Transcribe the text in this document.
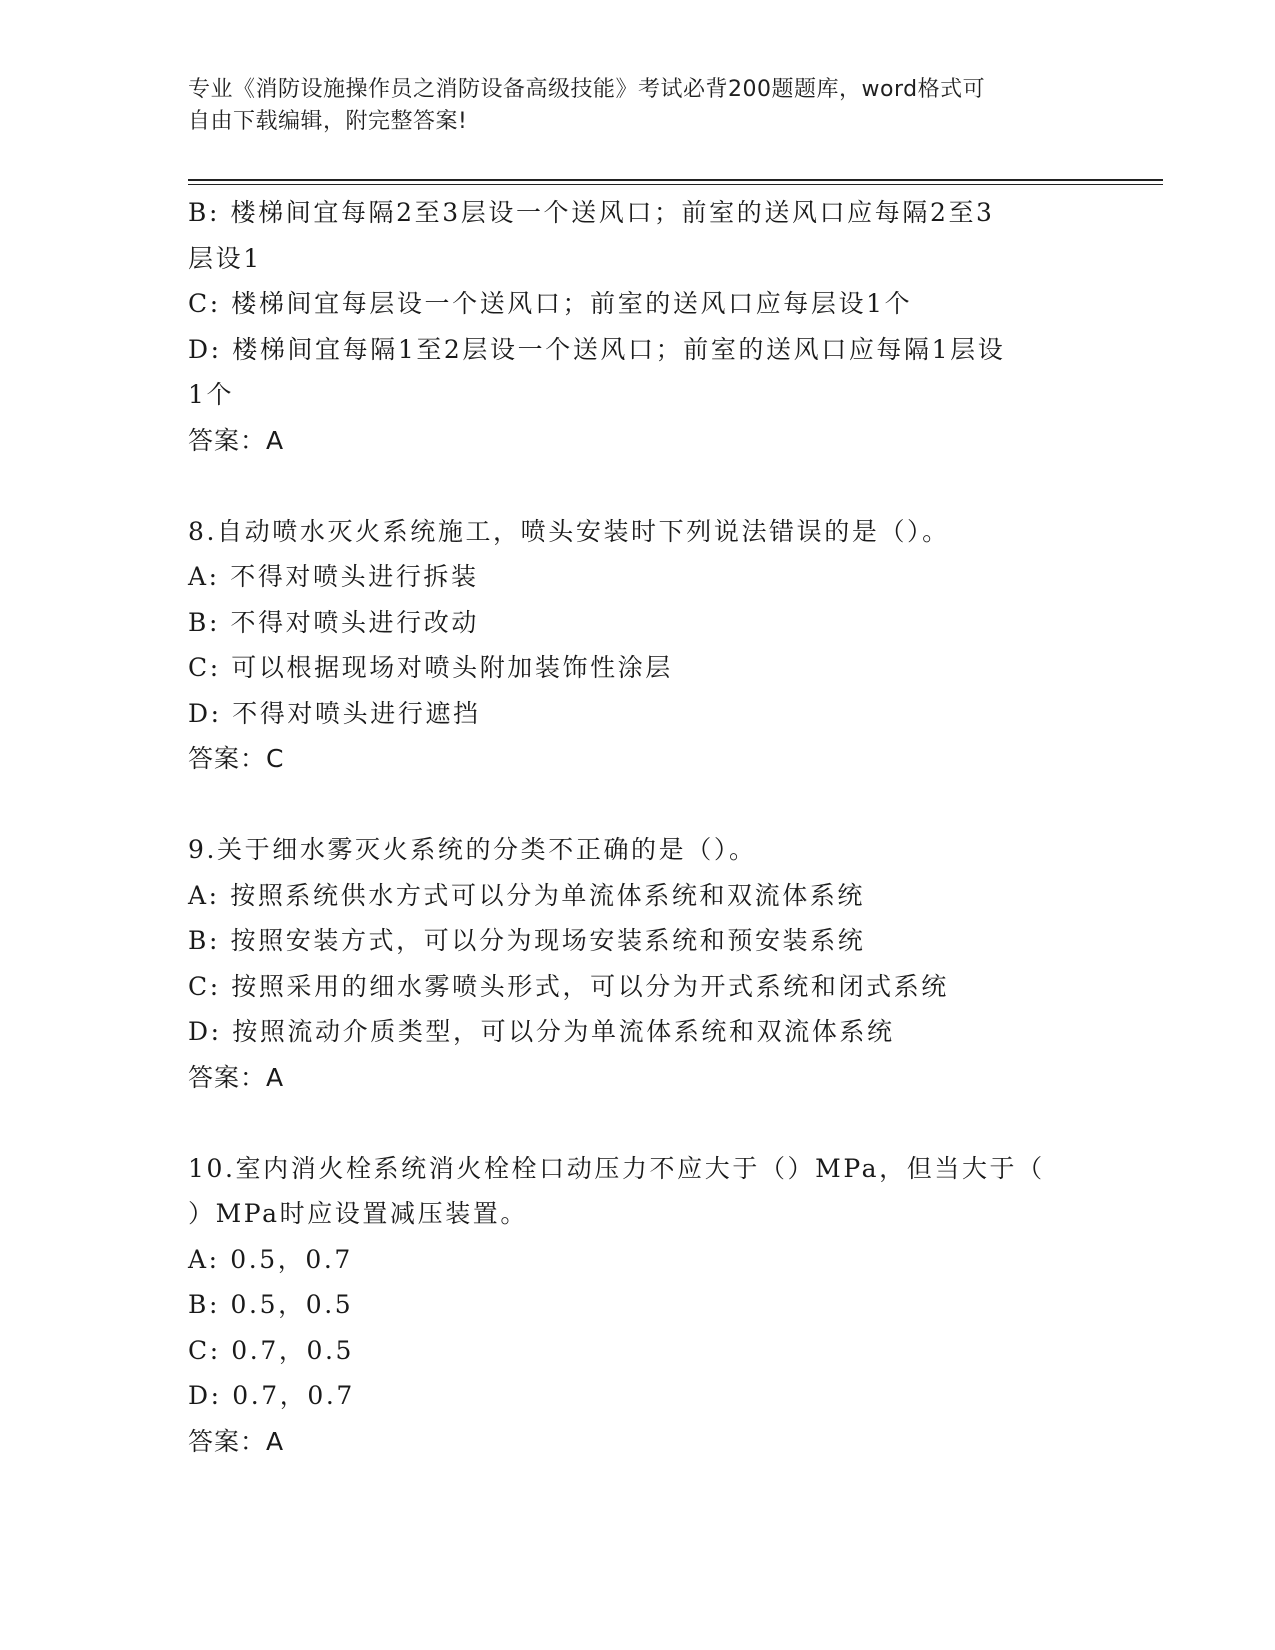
专业《消防设施操作员之消防设备高级技能》考试必背200题题库，word格式可
自由下载编辑，附完整答案!
B: 楼梯间宜每隔2至3层设一个送风口；前室的送风口应每隔2至3
层设1
C: 楼梯间宜每层设一个送风口；前室的送风口应每层设1个
D: 楼梯间宜每隔1至2层设一个送风口；前室的送风口应每隔1层设
1个
答案：A
8.自动喷水灭火系统施工，喷头安装时下列说法错误的是（）。
A: 不得对喷头进行拆装
B: 不得对喷头进行改动
C: 可以根据现场对喷头附加装饰性涂层
D: 不得对喷头进行遮挡
答案：C
9.关于细水雾灭火系统的分类不正确的是（）。
A: 按照系统供水方式可以分为单流体系统和双流体系统
B: 按照安装方式，可以分为现场安装系统和预安装系统
C: 按照采用的细水雾喷头形式，可以分为开式系统和闭式系统
D: 按照流动介质类型，可以分为单流体系统和双流体系统
答案：A
10.室内消火栓系统消火栓栓口动压力不应大于（）MPa，但当大于（
）MPa时应设置减压装置。
A: 0.5，0.7
B: 0.5，0.5
C: 0.7，0.5
D: 0.7，0.7
答案：A
